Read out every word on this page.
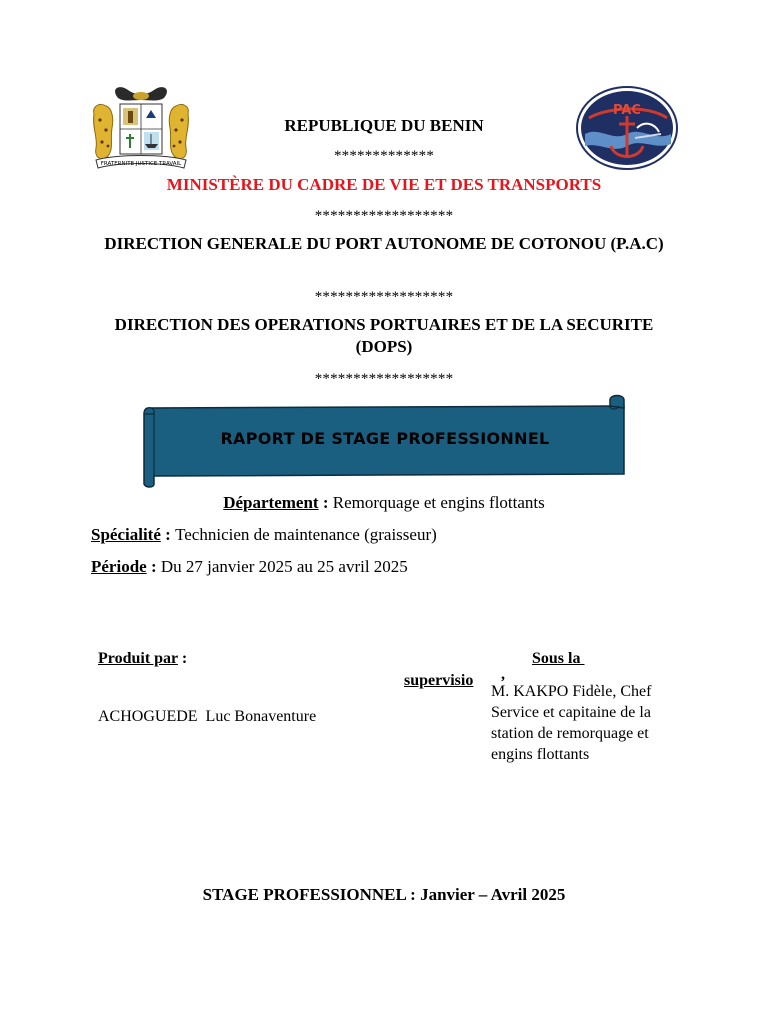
FRATERNITE JUSTICE TRAVAIL
PAC
REPUBLIQUE DU BENIN
*************
MINISTÈRE DU CADRE DE VIE ET DES TRANSPORTS
******************
DIRECTION GENERALE DU PORT AUTONOME DE COTONOU (P.A.C)
******************
DIRECTION DES OPERATIONS PORTUAIRES ET DE LA SECURITE (DOPS)
******************
RAPORT DE STAGE PROFESSIONNEL
Département : Remorquage et engins flottants
Spécialité : Technicien de maintenance (graisseur)
Période : Du 27 janvier 2025 au 25 avril 2025
Produit par :
ACHOGUEDE  Luc Bonaventure
Sous la
supervisio ,
M. KAKPO Fidèle, Chef Service et capitaine de la station de remorquage et engins flottants
STAGE PROFESSIONNEL : Janvier – Avril 2025
